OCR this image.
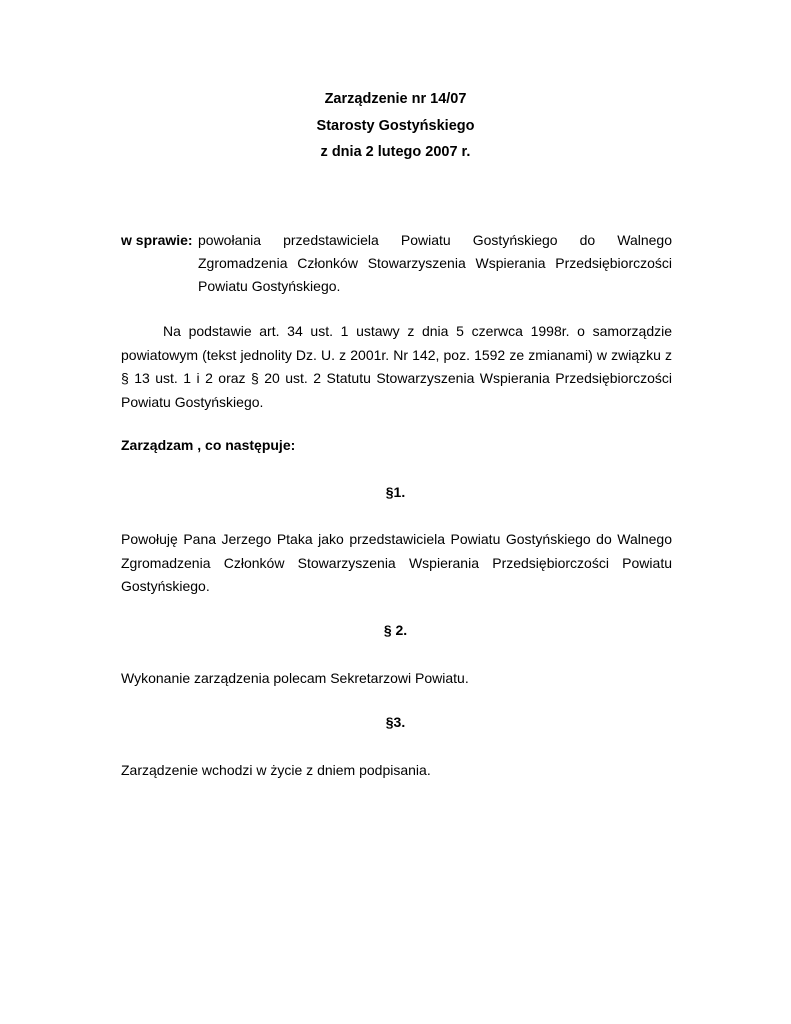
Zarządzenie nr 14/07
Starosty Gostyńskiego
z dnia 2 lutego 2007 r.
w sprawie: powołania przedstawiciela Powiatu Gostyńskiego do Walnego Zgromadzenia Członków Stowarzyszenia Wspierania Przedsiębiorczości Powiatu Gostyńskiego.
Na podstawie art. 34 ust. 1 ustawy z dnia 5 czerwca 1998r. o samorządzie powiatowym (tekst jednolity Dz. U. z 2001r. Nr 142, poz. 1592 ze zmianami) w związku z § 13 ust. 1 i 2 oraz § 20 ust. 2 Statutu Stowarzyszenia Wspierania Przedsiębiorczości Powiatu Gostyńskiego.
Zarządzam , co następuje:
§1.
Powołuję Pana Jerzego Ptaka jako przedstawiciela Powiatu Gostyńskiego do Walnego Zgromadzenia Członków Stowarzyszenia Wspierania Przedsiębiorczości Powiatu Gostyńskiego.
§ 2.
Wykonanie zarządzenia polecam Sekretarzowi Powiatu.
§3.
Zarządzenie wchodzi w życie z dniem podpisania.
